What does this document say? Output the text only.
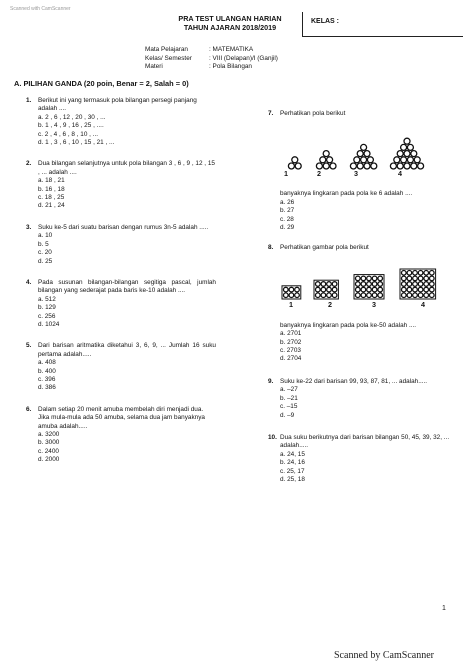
Scanned with CamScanner
PRA TEST ULANGAN HARIAN
TAHUN AJARAN 2018/2019
KELAS :
Mata Pelajaran	: MATEMATIKA
Kelas/ Semester	: VIII (Delapan)/I (Ganjil)
Materi	: Pola Bilangan
A. PILIHAN GANDA (20 poin, Benar = 2, Salah = 0)
1.	Berikut ini yang termasuk pola bilangan persegi panjang adalah ....
a. 2 , 6 , 12 , 20 , 30 , ...
b. 1 , 4 , 9 , 16 , 25 , ....
c. 2 , 4 , 6 , 8 , 10 , ...
d. 1 , 3 , 6 , 10 , 15 , 21 , ...
2.	Dua bilangan selanjutnya untuk pola bilangan 3 , 6 , 9 , 12 , 15 , ... adalah ....
a. 18 , 21
b. 16 , 18
c. 18 , 25
d. 21 , 24
3.	Suku ke-5 dari suatu barisan dengan rumus 3n-5 adalah .....
a. 10
b. 5
c. 20
d. 25
4.	Pada susunan bilangan-bilangan segitiga pascal, jumlah bilangan yang sederajat pada baris ke-10 adalah ....
a. 512
b. 129
c. 256
d. 1024
5.	Dari barisan aritmatika diketahui 3, 6, 9, ... Jumlah 16 suku pertama adalah.....
a. 408
b. 400
c. 396
d. 386
6.	Dalam setiap 20 menit amuba membelah diri menjadi dua. Jika mula-mula ada 50 amuba, selama dua jam banyaknya amuba adalah.....
a. 3200
b. 3000
c. 2400
d. 2000
7.	Perhatikan pola berikut
1	2	3	4
banyaknya lingkaran pada pola ke 6 adalah ....
a. 26
b. 27
c. 28
d. 29
8.	Perhatikan gambar pola berikut
1	2	3	4
banyaknya lingkaran pada pola ke-50 adalah ....
a. 2701
b. 2702
c. 2703
d. 2704
9.	Suku ke-22 dari barisan 99, 93, 87, 81, ... adalah.....
a. –27
b. –21
c. –15
d. –9
10. Dua suku berikutnya dari barisan bilangan 50, 45, 39, 32, ... adalah.....
a. 24, 15
b. 24, 16
c. 25, 17
d. 25, 18
1
Scanned by CamScanner
